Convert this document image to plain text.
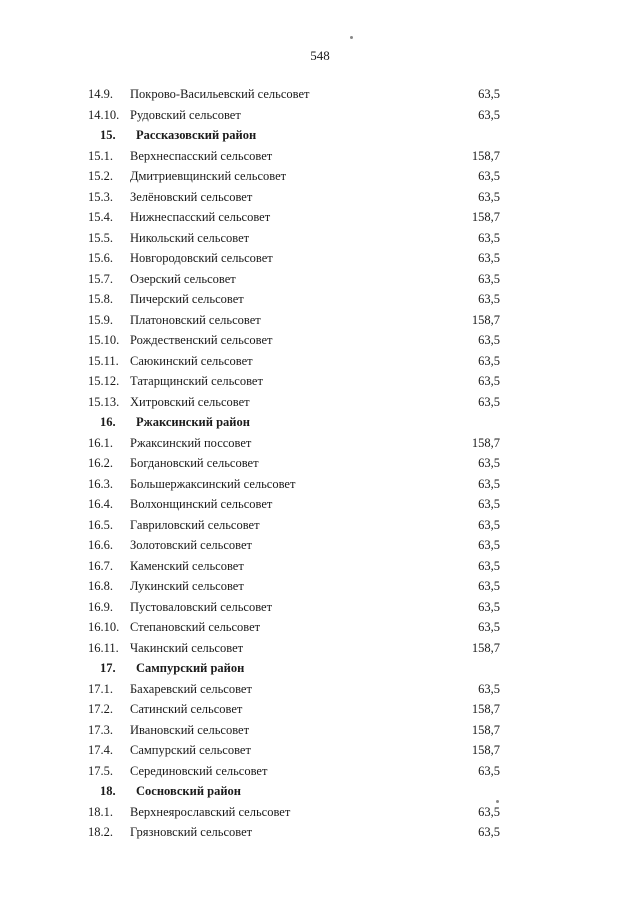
548
14.9.	Покрово-Васильевский сельсовет	63,5
14.10. Рудовский сельсовет	63,5
15.	Рассказовский район
15.1.	Верхнеспасский сельсовет	158,7
15.2.	Дмитриевщинский сельсовет	63,5
15.3.	Зелёновский сельсовет	63,5
15.4.	Нижнеспасский сельсовет	158,7
15.5.	Никольский сельсовет	63,5
15.6.	Новгородовский сельсовет	63,5
15.7.	Озерский сельсовет	63,5
15.8.	Пичерский сельсовет	63,5
15.9.	Платоновский сельсовет	158,7
15.10. Рождественский сельсовет	63,5
15.11. Саюкинский сельсовет	63,5
15.12. Татарщинский сельсовет	63,5
15.13. Хитровский сельсовет	63,5
16.	Ржаксинский район
16.1.	Ржаксинский поссовет	158,7
16.2.	Богдановский сельсовет	63,5
16.3.	Большержаксинский сельсовет	63,5
16.4.	Волхонщинский сельсовет	63,5
16.5.	Гавриловский сельсовет	63,5
16.6.	Золотовский сельсовет	63,5
16.7.	Каменский сельсовет	63,5
16.8.	Лукинский сельсовет	63,5
16.9.	Пустоваловский сельсовет	63,5
16.10. Степановский сельсовет	63,5
16.11. Чакинский сельсовет	158,7
17.	Сампурский район
17.1.	Бахаревский сельсовет	63,5
17.2.	Сатинский сельсовет	158,7
17.3.	Ивановский сельсовет	158,7
17.4.	Сампурский сельсовет	158,7
17.5.	Серединовский сельсовет	63,5
18.	Сосновский район
18.1.	Верхнеярославский сельсовет	63,5
18.2.	Грязновский сельсовет	63,5
